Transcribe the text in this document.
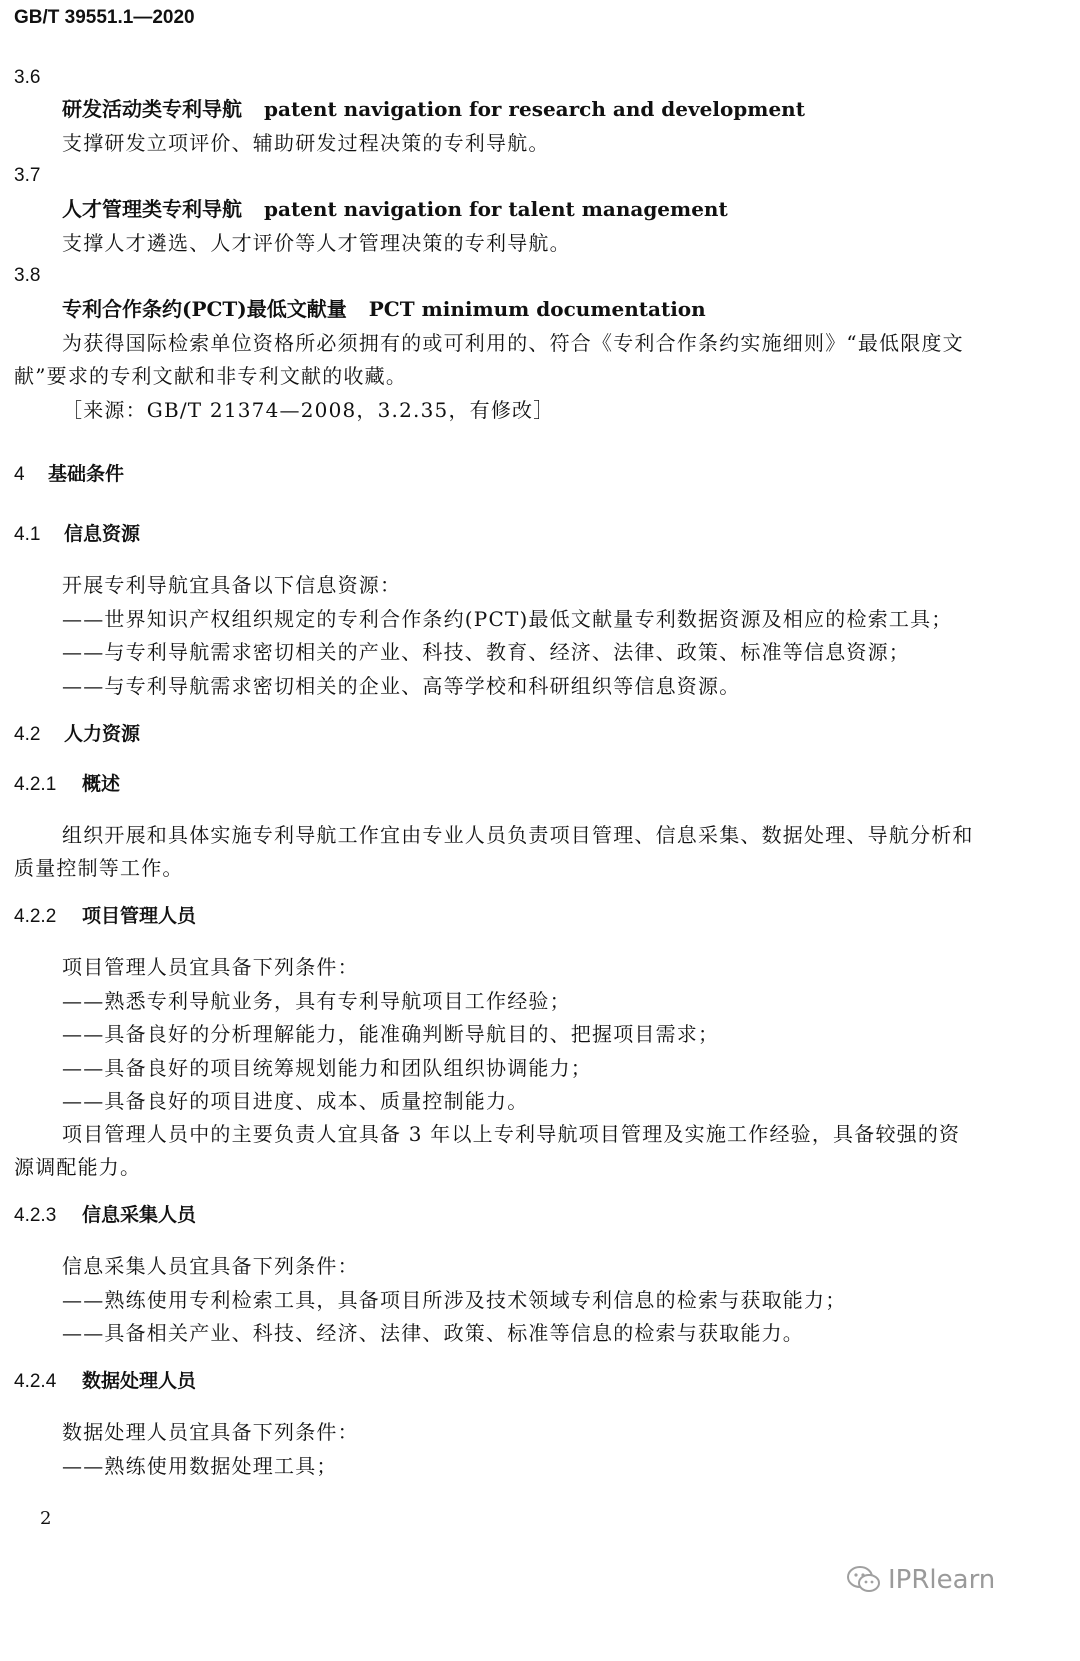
GB/T 39551.1—2020
3.6
研发活动类专利导航 patent navigation for research and development
支撑研发立项评价、辅助研发过程决策的专利导航。
3.7
人才管理类专利导航 patent navigation for talent management
支撑人才遴选、人才评价等人才管理决策的专利导航。
3.8
专利合作条约(PCT)最低文献量 PCT minimum documentation
为获得国际检索单位资格所必须拥有的或可利用的、符合《专利合作条约实施细则》“最低限度文
献”要求的专利文献和非专利文献的收藏。
［来源：GB/T 21374—2008，3.2.35，有修改］
4 基础条件
4.1 信息资源
开展专利导航宜具备以下信息资源：
——世界知识产权组织规定的专利合作条约(PCT)最低文献量专利数据资源及相应的检索工具；
——与专利导航需求密切相关的产业、科技、教育、经济、法律、政策、标准等信息资源；
——与专利导航需求密切相关的企业、高等学校和科研组织等信息资源。
4.2 人力资源
4.2.1 概述
组织开展和具体实施专利导航工作宜由专业人员负责项目管理、信息采集、数据处理、导航分析和
质量控制等工作。
4.2.2 项目管理人员
项目管理人员宜具备下列条件：
——熟悉专利导航业务，具有专利导航项目工作经验；
——具备良好的分析理解能力，能准确判断导航目的、把握项目需求；
——具备良好的项目统筹规划能力和团队组织协调能力；
——具备良好的项目进度、成本、质量控制能力。
项目管理人员中的主要负责人宜具备 3 年以上专利导航项目管理及实施工作经验，具备较强的资
源调配能力。
4.2.3 信息采集人员
信息采集人员宜具备下列条件：
——熟练使用专利检索工具，具备项目所涉及技术领域专利信息的检索与获取能力；
——具备相关产业、科技、经济、法律、政策、标准等信息的检索与获取能力。
4.2.4 数据处理人员
数据处理人员宜具备下列条件：
——熟练使用数据处理工具；
2
IPRlearn
